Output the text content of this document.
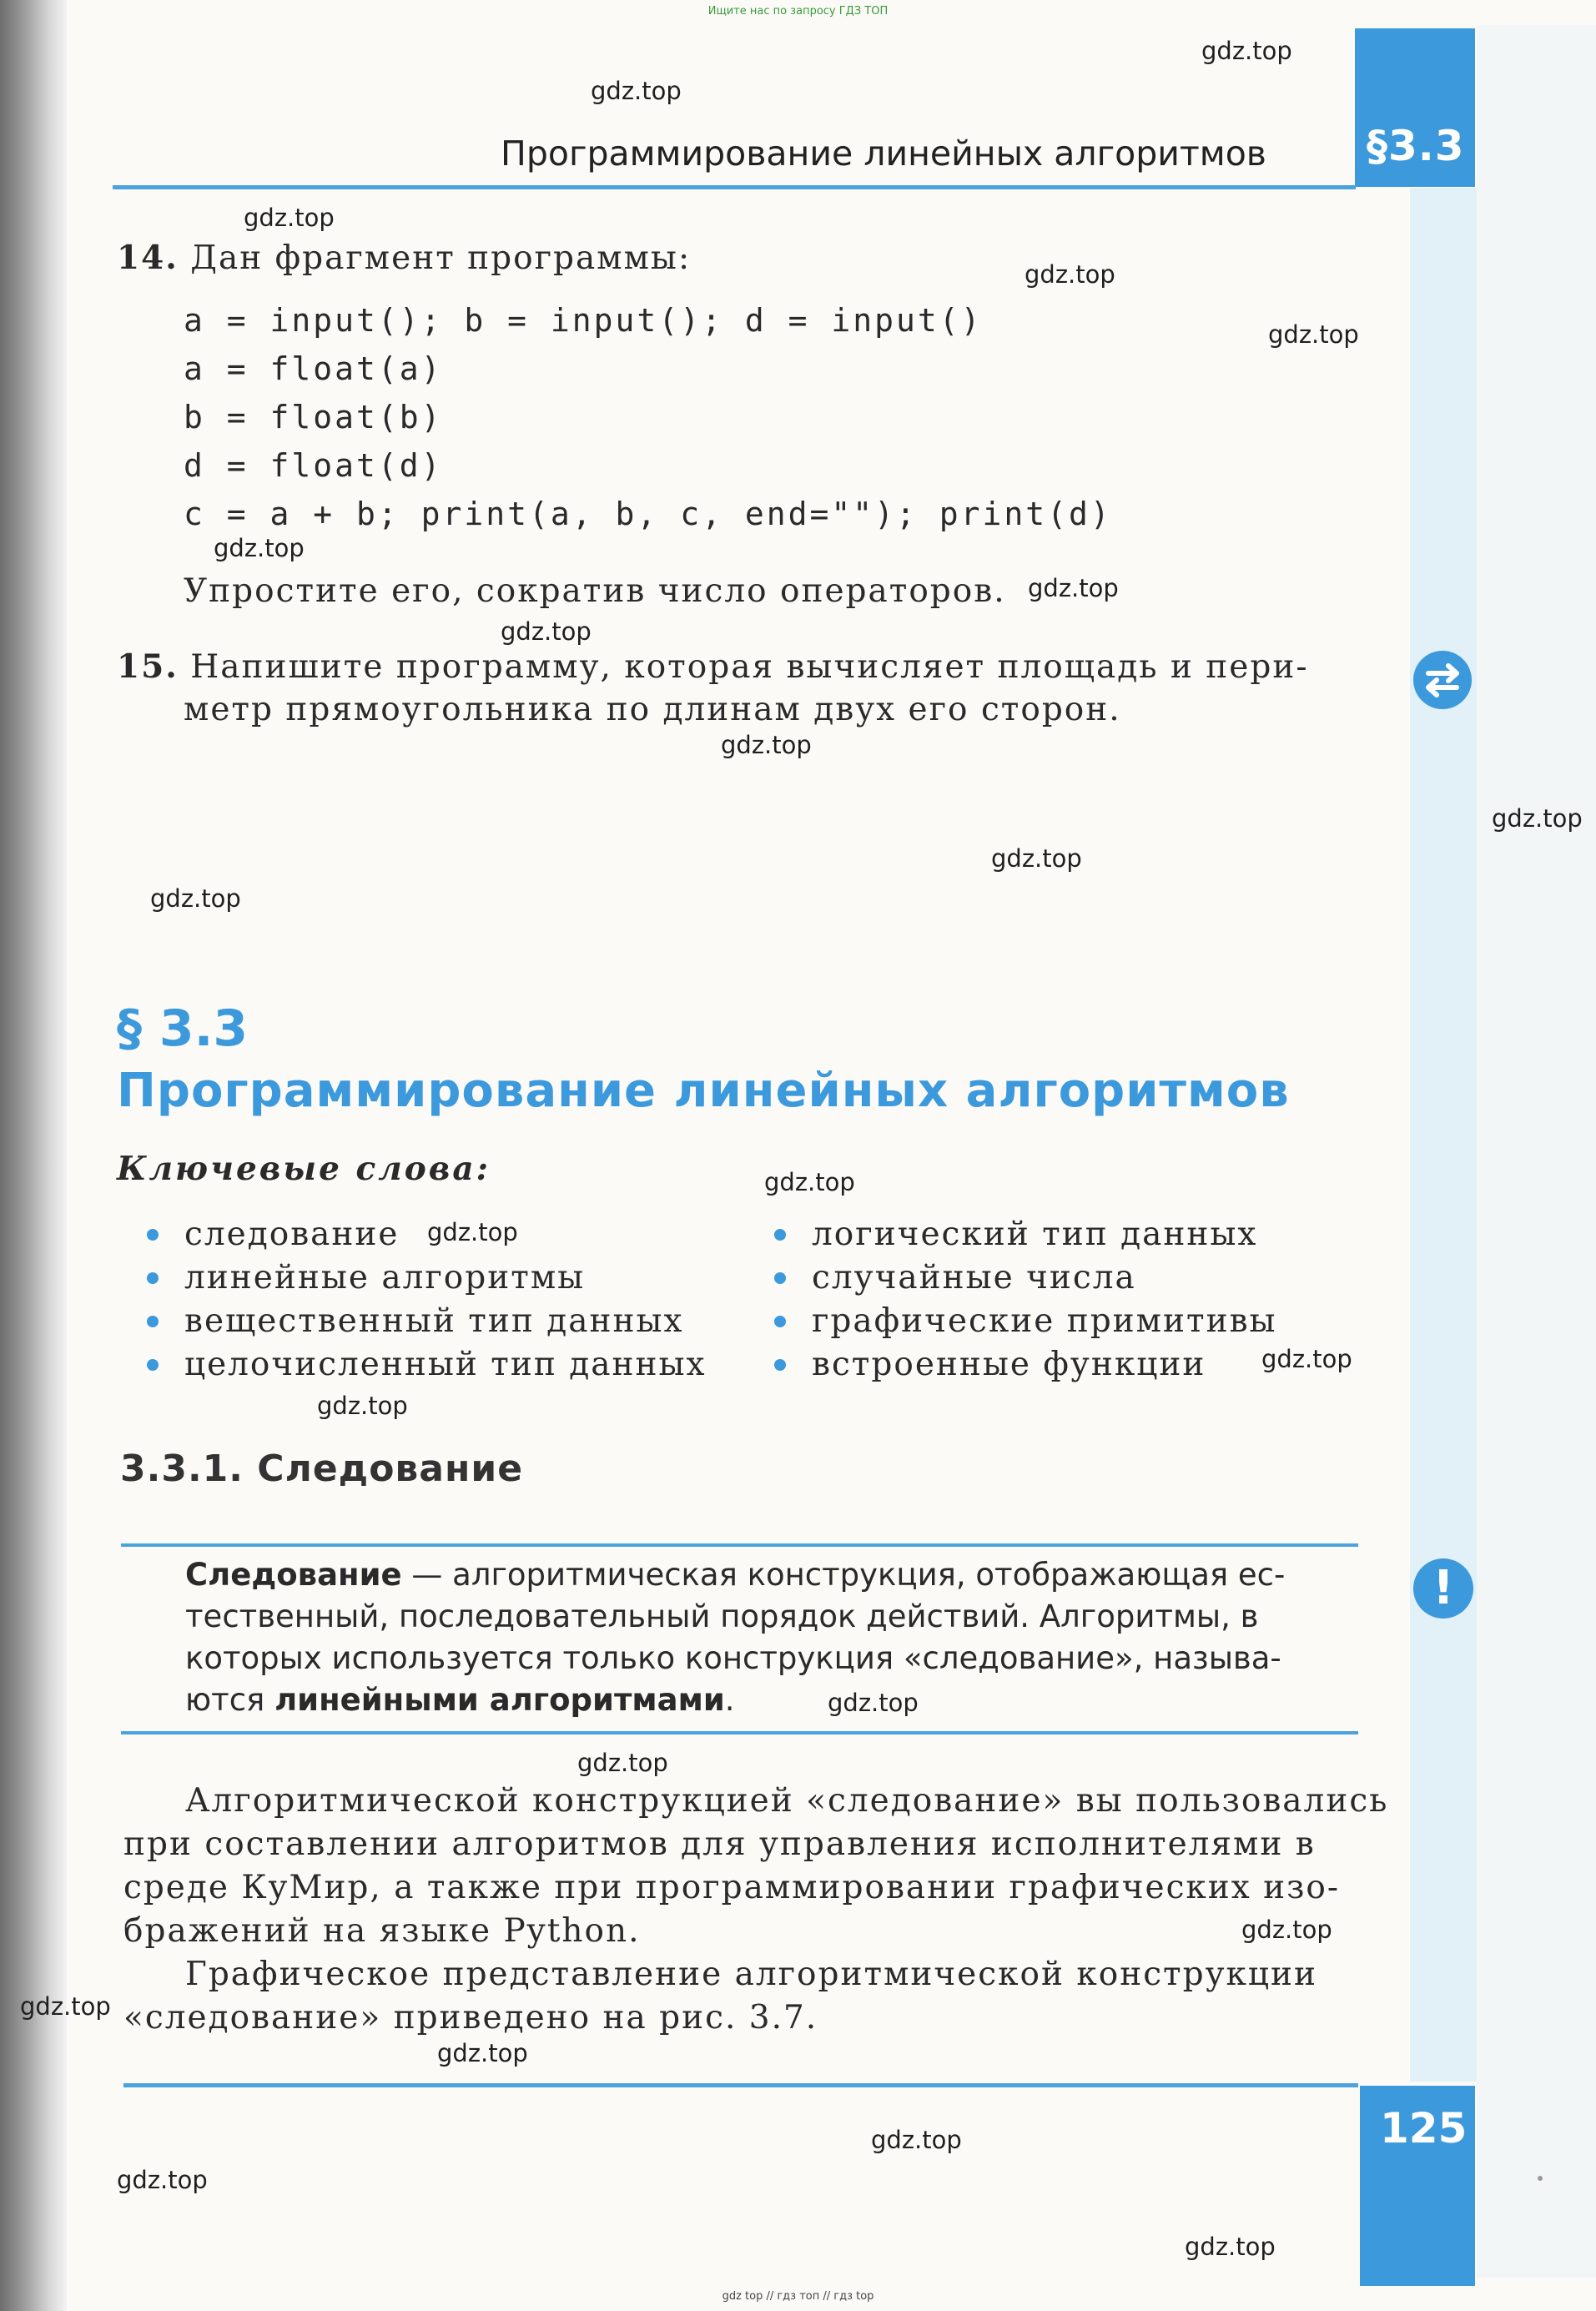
Ищите нас по запросу ГДЗ ТОП
§3.3
Программирование линейных алгоритмов
14. Дан фрагмент программы:
a = input(); b = input(); d = input()
a = float(a)
b = float(b)
d = float(d)
c = a + b; print(a, b, c, end=""); print(d)
Упростите его, сократив число операторов.
15. Напишите программу, которая вычисляет площадь и пери-
метр прямоугольника по длинам двух его сторон.
§ 3.3
Программирование линейных алгоритмов
Ключевые слова:
следование
линейные алгоритмы
вещественный тип данных
целочисленный тип данных
логический тип данных
случайные числа
графические примитивы
встроенные функции
3.3.1. Следование
Следование — алгоритмическая конструкция, отображающая ес-
тественный, последовательный порядок действий. Алгоритмы, в
которых используется только конструкция «следование», называ-
ются линейными алгоритмами.
!
Алгоритмической конструкцией «следование» вы пользовались
при составлении алгоритмов для управления исполнителями в
среде КуМир, а также при программировании графических изо-
бражений на языке Python.
Графическое представление алгоритмической конструкции
«следование» приведено на рис. 3.7.
125
gdz.top
gdz.top
gdz.top
gdz.top
gdz.top
gdz.top
gdz.top
gdz.top
gdz.top
gdz.top
gdz.top
gdz.top
gdz.top
gdz.top
gdz.top
gdz.top
gdz.top
gdz.top
gdz.top
gdz.top
gdz.top
gdz.top
gdz.top
gdz.top
gdz top // гдз топ // гдз top
